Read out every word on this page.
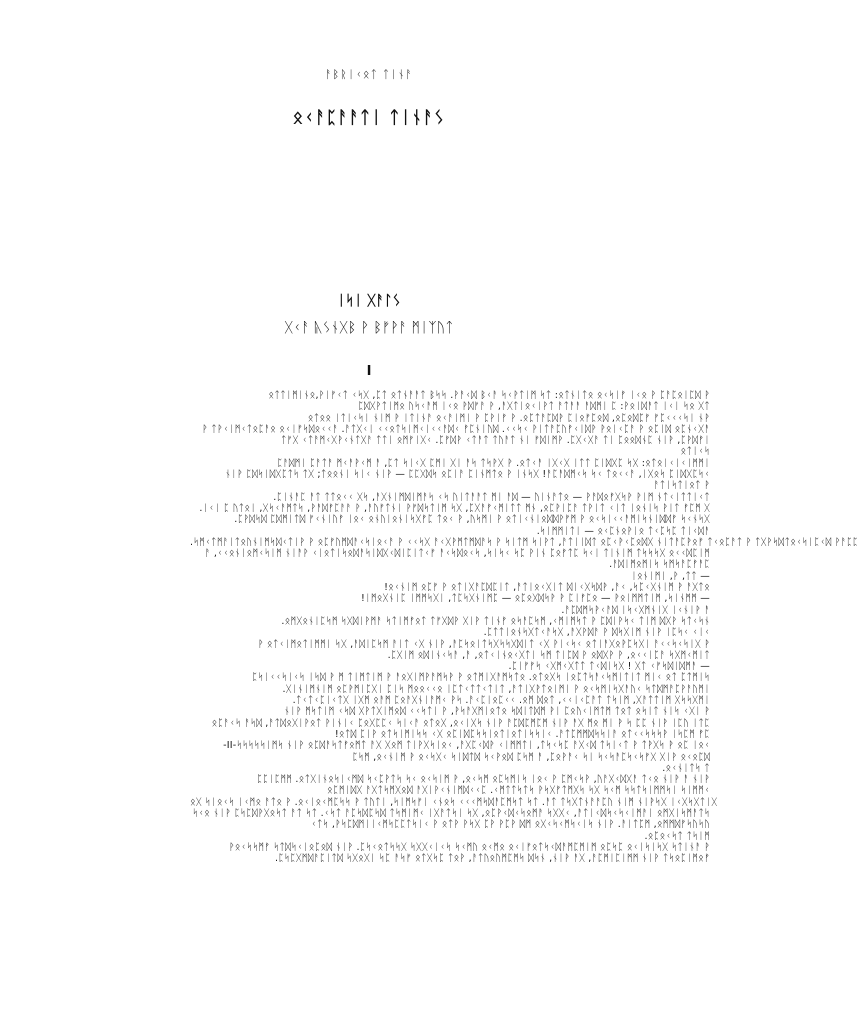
ᚨᛒᚱᛁᚲᛟᛏ ᛏᛁᚾᚨ
ᛟᚲᚨᛈᚨᚨᛏᛁ ᛏᛁᚾᚨᛊ
ᛁᛋᛁ ᚷᚨᛚᛊ
ᚷᚲᚨ ᚣᛊᚾᚷᛒ ᚹ ᛒᚠᚹᚨ ᛗᛁᛉᚢᛏ
I
ᛟᛏᛏᛁᛗᛁᚾᛟ,ᚹᛁᚠᚲᛏ ᚲᛋᚷ ,ᛈᛏ ᛟᛏᚾᚨᚨᛏ ᛒᛋᛋ .ᚹᚨᚲᛞ ᛒᚲᚨ ᛋᚲᚹᛏᛁᛗ ᛋᛏ :ᛟᛏᚾᛁᛏᛟ ᛟᚲᛋᛁᚠ ᛁᚲᛟ ᚹ ᛈᚨᛈᛟᛁᛈᛞ ᚹ
ᛈᛞᚷᚹᛏᛁᛗᛟ ᚢᛋᚲᚨᛗ ᛁᚲᛟ ᚹᛞᚠᚨ ᚹ ,ᚨᚷᛏᛁᛟᚲᛁᚹᛏ ᚨᛏᚨᚨ ᚨᛞᛗᛁ ᛈ :ᚹᛟᛁᛞᚨᛏ ᛁᚲᛁ ᛋᛟ ᚷᛏ
ᛟᛏᛟᛟ ᛁᛏᛁᚲᛋᛁ ᚾᛁᛗ ᚹ ᛁᛏᛁᚾᚨ ᛟᚲᚨᛁᛗᛁ ᚹ ᛈᚹᛁᚠ ᚹ .ᛟᛈᛏᚨᛈᛞᚹ ᛈᛁᛟᚠᛈᛟᛞ ,ᛟᛈᛟᛞᛈᚠ ᚠᛈᚲᚲᚲᛋᛁ ᚾᚹ
ᚹ ᛏᚹᚲᛁᛗᚲᛏᛟᛈᚨᛟ ᛟᚲᛁᚠᛋᛞᛟᚲᚲᚨ .ᚨᛏᚷᚲᛁ ᚲᚲᛟᛏᛋᛁᛗᚲᛁᚲᚲᚨᛞᚲ ᚠᛈᚾᛁᚢᛞ .ᚲᚲᛋᚲ ᚹᛁᛏᚨᛈᚢᚠᚲᛁᛞᚹ ᚹᛟᛁᚲᛈᚨ ᚹ ᛟᛈᛁᛞ ᛟᛈᚾᚲᚷᚨ
ᛏᚠᚷ ᚲᛏᚨᛗᚲᚷᚹᚲᚾᛏᚷᚨ ᛏᛏᛁ ᛟᛗᚠᛁᚷᚲ .ᛈᚠᛞᚹ ᚲᛏᚨᛏ ᛏᚢᚨᛏ ᚾᛁ ᚠᛞᛁᛗᚹ .ᛈᚷᚲᚷᚨ ᛏᛁ ᛈᛟᛟᛞᚾᛈ ᚾᛁᚹ ,ᛈᚹᛞᚠᛁ
ᛟᛏᛁᚲᛋ
ᛈᚨᛞᛗᛁ ᛈᚨᛏᚨ ᛗᚲᚨᚹᚲᛗ ᚨ ,ᛈᛏ ᛋᛁᚲᚷ ᛈᛗᛁ ᚷᛁ ᚨᛋ ᛏᛋᚹᚷ ᚹ .ᛟᛏᚲᚨ ᛁᚷᚲᚷ ᛁᛏᛏ ᛈᛁᛞᚷᛈ ᛋᚷ :ᛟᛏᛟᛁᚲᛁᚲᛁᛗᛗᛁ
ᚾᛁᚹ ᛈᛞᛋᛁᛞᚷᛈᛏᛋ ᛏᚷ ;ᛏᛟᛟᚾᛁ ᛋᛁᚲ ᚾᛁᚹ — ᛈᛈᚷᛞᛋ ᛟᛈᛁᚨ ᛈᛁᚾᛗᛏᛟ ᚹ ᛁᚾᛋᚷ !ᚨᛈᚨᛞᛗᚲᛋ ᛋᚲ ᛏᛟᚲᚲᚨ ,ᛁᚷᛟᛋ ᛈᛁᛞᚷᛈᛋᚲ
ᚨᛏᛁᛋᛏᛁᛟᛏ ᚹ
.ᛈᛁᚾᚨᛈ ᚨᛏ ᛏᛏᛟᚲᚲ ᚷᛋ ,ᚨᚷᚾᛁᛗᛞᛁᛗᚨᛋ ᚲᛋ ᚢᛁᛏᚨᚨᛏ ᛗᛁ ᚨᛞ — ᚢᛁᚾᚨᛏᛟ — ᚹᚨᛞᛟᚠᚷᛋᚹ ᚹᛁᛗ ᚾᛏᚲᛁᛏᛏᛁᚲᛏ
.ᛁᚲᛁ ᛈ ᚢᛏᛟᛁ ,ᚷᛋᚲᚨᛗᛏᛋ ,ᚹᚨᛞᚠᛈᚨᚨ ᚹ ,ᚨᚢᚠᛏᚾᛁ ᚹᚠᛞᛋᛏᛁᛗ ᛋᚷ ,ᛈᚷᚨᚠᚲᛗᛁᛏᛏ ᛗᚾ ,ᛟᛈᚹᛁᛈᚨ ᛏᚹᛁᛏ ᚲᛁᛏ ᛁᛟᚾᛁᛋ ᚹᛁᛏ ᚠᛈᛗ ᚷ
.ᛈᚹᛞᛋᛞ ᛈᛞᛗᛁᛏᛞ ᚠᚲᚾᛁᚢᚠ ᛁᛟᚲ ᛟᚾᚢᛁᛟᚾᛁᛋᚷᚠᛈ ᛏᛟᚲ ᚹ ,ᚢᛋᛗᛁ ᚹ ᛟᛏᛁᚲᚾᛁᛟᛞᛞᚹᚠᛗ ᚹ ᛟᚲᛋᛁᚲᚲᚨᛗᛁᛋᚾᛁᛞᛞᚠ ᛋᚲᚾᛋᚷ
.ᛋᛁᛗᛗᛁᛏᛁ — ᛟᚲᛈᚾᛟᚹᛁᛟ ᛏᚲᛈᛋᛈ ᛏᛁᚲᛞᚨ
.ᛋᛗᚲᛏᛗᚨᛁᛏᛟᚢᚾᛁᛗᛋᛞᚲᛏᛁᚹ ᚹ ᛟᛈᚠᚢᛗᛞᚨᚲᛋᛁᛟᚲᚨ ᚹ ᚲᚲᛋᚷ ᚨᚲᚷᚹᛗᛏᛗᛞᚨᛋ ᚹ ᛋᛁᛏᛗ ᛋᛁᚹᛏ ,ᚨᛏᛁᛁᛞᛏ ᛟᛈᚲᚹᚲᛈᛟᛞᚷ ᚾᛁᛏᚨᛈᚹᛟᚠ ᛏᚲᛟᛈᚨᛏ ᚹ ᛏᚷᚹᛋᛞᛏᛟᚲᛋᛁᛈᚲᛞ ᚹᚨᛈᛈ
ᚨ ,ᚲᚲᛟᚾᛁᛟᛗᚲᛋᛁᛗ ᚾᛁᚨᚹ ᚲᛁᛟᛏᛁᛋᛟᛞᚨᛋᛁᛞᚷᚲᛞᛁᛈᛁᛏᚲᚠ ᚨᚲᛋᛞᛟᚲᛋ ,ᛋᛁᛋᚲ ᛋᛈ ᚹᛁᚾ ᛈᛟᚠᛏᛈ ᛋᚲᛁ ᛏᛁᚾᛁᛗ ᛏᛋᛋᛋᚷ ᛟᚲᚲᛞᛈᛁᛗ
.ᚨᛞᛁᛗᛟᛗᛁᛋ ᛋᛗᛋᚨᛈᚠᚨᛈ
ᛁᛟᚾᛁᛗᛁ ,ᚹ ,ᛏᛏ —
!ᛟᚲᚾᛁᛗ ᛟᛈᚠ ᚹ ᛟᛏᛁᚷᚨᛈᛞᛈᛁᛏ ,ᚨᛏᛁᛟᚲᚷᛁᛏ ᛞᛁᚲᚷᛋᛞᚹ ,ᚨᚲ ,ᛋᛈᚲᚷᚾᛁᛗ ᚹ ᚨᚷᛏᛟ
!ᛁᛗᛟᚷᚾᛁᛈ ᛁᛗᛗᛋᚷᛁ ,ᛏᛈᛋᚷᚾᛁᛗᛈ — ᛟᛈᛟᚷᛞᛋᚹ ᚹ ᛈᛁᚠᛈᛟ — ᚹᛟᛁᛗᛗᛏᛁᛗ ,ᛋᛁᚾᛗᛗ —
.ᚨᛈᛞᛗᛋᚹᚲᚨᛞ ᛁᛋᚲᚷᛗᚾᛁᚷ ᛁᚲᚾᛁᚹ ᚨ
.ᛟᛗᚷᛟᚾᛁᛈᛋᛗ ᛋᚷᛞᛁᚹᛗᚨ ᛋᛏᛁᛗᚠᛟᛏ ᛏᚠᚷᛞᚹ ᚷᛁᚹ ᛏᛁᚾᚠ ᛟᛋᚨᛈᛋᛗ ,ᚲᛗᛁᛗᛋᛏ ᚹ ᛈᛞᛁᚹᛋᚲ ᛏᛁᛗ ᛞᚷᚹ ᛋᛏᚲᛋᚾ
.ᛈᛏᛏᛁᛟᚾᛋᚷᛏᚲᚨᛋᚷ ,ᚨᚷᚹᛞᚨ ᚹ ᛞᛋᚷᛁᛗ ᚾᛁᚹ ᛁᛈᛋᚲ ᚲᛁᚲ
ᚹ ᛟᛏᚲᛁᛗᛟᛏᛁᛗᛗᛁ ᛋᚷ ,ᚨᛞᛁᛈᛋᛗ ᚨᛁᛏ ᚲᚷ ᚾᛁᚹ ,ᚨᛈᛋᛟᛁᛏᛋᚷᛋᛋᚷᛞᛁᛏ ᚲᚷ ᚹᛁᚲᛋᚲ ᛟᛏᛁᚨᚷᛟᚹᛈᛋᚷᛁ ᚨᚲᚲᛋᚲᛋᛁᚷ ᚹ
.ᛈᚷᛁᛗ ᛟᛞᛁᚾᚲᛋᚨ ,ᚨ ,ᛟᛏᚲᛁᚾᛟᚲᚷᛏᛁ ᛋᛗ ᛏᛁᛈᛞ ᚹ ᛟᛞᚷᚹ ᚹ ,ᛟᚲᚲᛁᛈᚨ ᛋᚷᛗᚲᛗᛁᛏ
.ᛈᛁᚠᚠᛋ ᚲᚷᛗᚲᚷᛏᛏ ᛏᚲᛞᛁᛋᚷ ! ᚷᛏ ᚲᚠᛋᛞᛁᛞᛗᚨ —
ᛈᛋᛁᚲᚲᛋᛁᚲᛋ ᛁᛋᛞ ᚹ ᛗ ᛏᛁᛗᛏᛁᛗ ᚹ ᚨᛟᚷᛁᛗᚹᚨᛗᛋᚹ ᚹ ᛟᛏᛗᛁᚷᚨᛗᛋᛏᛟ .ᛟᛏᛟᚷᛋ ᛁᛟᛈᛏᛋᚨᚲᛋᛗᛁᛏᛁᛏ ᛗᛁᚲ ᛟᛏ ᛈᛏᛗᛁᛋ
.ᚷᛁᚾᛁᛗᚾᛁᛗ ᛟᛈᚹᛗᛁᛈᚷᛁ ᛈᛁᛋ ᛗᛟᛟᚲᚲᛟ ᛁᛈᛏᚲᛏᛏᚲᛏᛁᛏ ,ᚨᛏᛁᚷᚹᛏᛟᛁᛗᛁ ᚹ ᛟᚲᛋᛗᛁᛋᚷᚨᚢᚲ ᛋᛏᛞᛗᚨᛈᚹᚨᚢᛗᛁ
.ᛏᚲᛏᚲᛈᛁᚲᛏᚷ ᛁᚷᛗ ᛟᚨᛗ ᛈᛟᚨᚷᚾᛁᚨᛗᚲ ᚹᛋ .ᚨᚲᛈᛁᛟᛈᚲᚲ .ᛟᛗ ᛞᛟᛏ ,ᚲᚲᛁᚲᛈᚨᛏ ᛏᛋᛁᛗ ,ᚷᚨᛏᛏᛁᛗ ᚷᛋᛋᚷᛗᛁ
ᚾᛁᚹ ᛗᛋᛏᛁᛗ ᚲᛋᛞ ᚷᚹᛏᚷᛁᛗᛟᛞ ᚲᚲᛋᛏᛁ ᚹ ,ᚹᛋᚨᚷᛗᛁᛟᛏᛟ ᛋᛞᛁᛏᛞᛗ ᚹᛁ ᛈᛟᚢᚲᛁᛗᛏᛗ ᛏᛟᛏ ᛟᛋᛁᛏ ᚾᛁᛋ ᚲᚷᛁ ᚹ
ᛟᛈᚨᚲᛋ ᚨᛋᛞ ,ᚨᛏᛞᛟᚷᛁᚹᛟᛏ ᚹᛁᚾᛁᚲ ᛈᛟᚷᛈᛈᚲ ᛋᛁᚲᚨ ᛟᛏᛟᚷ ,ᛟᚲᛁᚷᛋ ᚾᛁᚹ ᚨᛈᛞᛈᛗᛈᛗ ᚾᛁᚹ ᚨᚷ ᛗᛟ ᛗᛁ ᚹ ᛋ ᛈᛈ ᚾᛁᚹ ᛁᛈᚢ ᛁᛏᛈ
!ᛟᛏᛞ ᛈᛁᚹ ᛟᛏᛋᛁᛗᛁᛋᛋ ᚲᚷ ᛟᛈᛁᛞᛈᛋᛋᛁᛟᛏᛁᛟᛏᛁᛋᛋᛁᚲ .ᚨᛏᛈᛗᛗᛞᛋᛋᛁᚨ ᛟᛏᚲᚲᛋᛋᛋᚹ ᛁᛋᛈᛗ ᚠᛈ
-II-ᛋᛋᛋᛋᛋᛁᛗᛋ ᚾᛁᚹ ᛟᛈᛞᚨᛋᛏᚠᛟᛗᛏ ᚨᚷ ᚷᛟᛗ ᛏᛁᚹᚷᛋᛁᛟᚲ ,ᚨᚷᛈᚲᛞᚹ ᚲᛁᛗᛗᛏᛁ ,ᛏᛋᚲᛋᛈ ᚨᚷᚲᛞ ᛏᛋᛁᚲᛏ ᚹ ᛏᚹᚷᛋ ᚹ ᛟᛈ ᛁᛟᚲ
ᛈᛋᛗ ,ᛟᚲᚾᛁᛗ ᚹ ᛟᚲᛋᚷᚲ ᛋᛁᛞᛏᛞ ᛋᚲᚹᛟᛞ ᛈᛋᛗ ᚨ ,ᛈᛟᚹᚨᚲ ᛋᛁ ᛋᚲᛋᚨᛈᛋᚲᛋᚠᚷ ᚷᛁᚹ ᛟᚲᛟᛈᛞ
.ᛟᚲᚾᛁᛏᛋ ᛏ
ᛈᛈᛁᛈᛗᛗ .ᛟᛏᚷᛁᚾᛟᛋᛁᚲᛗᛞ ᛋᚲᛈᚹᛏᛋ ᛋᚲ ᛟᚲᛋᛁᛗ ᚹ ,ᛟᚲᛋᛗ ᛟᛈᛋᛗᛁᛋ ᛁᛟᚲ ᚹ ᛈᛗᚲᛋᚹ ,ᚢᚨᚷᚲᛞᚷᚨ ᛏᚲᛟ ᚾᛁᚹ ᚨ ᚾᛁᚹ
ᛟᛈᛗᛁᛞᚷ ᚨᚷᛏᛋᛗᚷᛟᛞ ᚨᚷᛁᚹᚲᚾᛁᛗᛞᚲᚲᛈ .ᚲᛗᛏᛏᛋᛏᛋ ᚹᛋᚷᚠᛏᛗᚷᛋ ᛋᚷ ᛋᚲᛗ ᛋᛋᛏᛋᛁᛗᛗᛋᛁ ᛋᛁᛗᛗᚲ
ᛟᚷ ᛋᛁᛟᚲᛋ ᛁᚲᛗᛟ ᚨᛏᛟ ᚹ .ᛟᚲᛁᛟᚲᛗᛈᛋᛋ ᚹ ᛏᚢᛏᛁ ,ᛋᛁᛗᛋᚠᛁ ᚲᚾᛟᛋ ᚲᚲᚲᛗᛋᛞᚨᛈᛗᛋᛏ ᛋᛏ .ᚨᛏ ᛏᛋᚷᛏᚾᚨᚨᛈᚢ ᚾᛁᛗ ᚾᛁᚹᛋᚷ ᛁᚲᚷᛋᚷᛏᛁᚷ
ᛋᚲᛟ ᚾᛁᚹ ᛈᛋᛈᛞᚹᚷᛟᛋᛏ ᚨᛏ ᛋᛏ .ᚲᛋᛏ ᚨᛈᛋᛞᛈᛋᛞ ᛏᛋᛗᛁᛗᚲ ᛁᚷᚨᛏᛋᛁ ᛋᚷ ,ᛟᛈᚹᚲᛞᚲᛋᛟᛗᚨ ᛋᚷᚷᚲ ,ᚨᛏᛁᚲᛞᛋᚲᛋᚲᛁᛗᚨᛁ ᛟᛗᚷᛁᛋᛗᚨᛏᛋ
ᚲᛏᛋ ,ᚹᛋᛈᛞᛗᛁᛁᚲᛗᛋᛈᛈᛏᛋᛁᚲ ᚹ ᛟᛏᚹ ᚹᛋᚷ ᛈᚹ ᚹᛈᚹ ᛞᛗ ᛟᚷᚲᛋᚲᛗᛋᚲᛁᛋ ᚾᛁᚹ .ᚨᛁᛏᛈᛗ ,ᛟᛗᛗᛞᚠᛋᚢᛋᚢ
.ᛟᛈᛟᚲᛋᛏ ᛏᛋᛁᛗ
ᚹᛟᚲᛋᛋᛗᚠ ᛋᛏᛞᛋᚲᛁᛟᛈᛟᛞ ᚾᛁᚹ .ᛈᛋᚲᛟᛏᛋᛋᚷ ᛋᚷᚷᚲᛁᚲᛋ ᛋᚲᛗᚢ ᛟᚲᛗᛟ ᛟᚲᛁᚠᛟᛏᛋᚲᛞᚨᛗᛈᛗᛁᛗ ᛟᛈᛋᛈ ᛟᚲᛁᛋᛁᛋᚷ ᛋᛏᛁᚾᚨ ᚹ
.ᛈᛋᛈᚷᛗᛞᚨᛈᛁᛏᛞ ᛋᚷᛟᚷᛁ ᛋᛈ ᚨᛋᚠ ᛟᛏᚷᛋᛈ ᛏᛟᚹ ,ᚨᛏᚢᛟᚢᛗᛈᛗᛋ ᛞᛋᚾ ,ᚾᛁᚹ ᚨᚷ ,ᚨᛈᛗᛁᛈᛁᛗᛗ ᚾᛁᚹ ᛏᛋᛟᛈᛁᛗᛟᚠ
